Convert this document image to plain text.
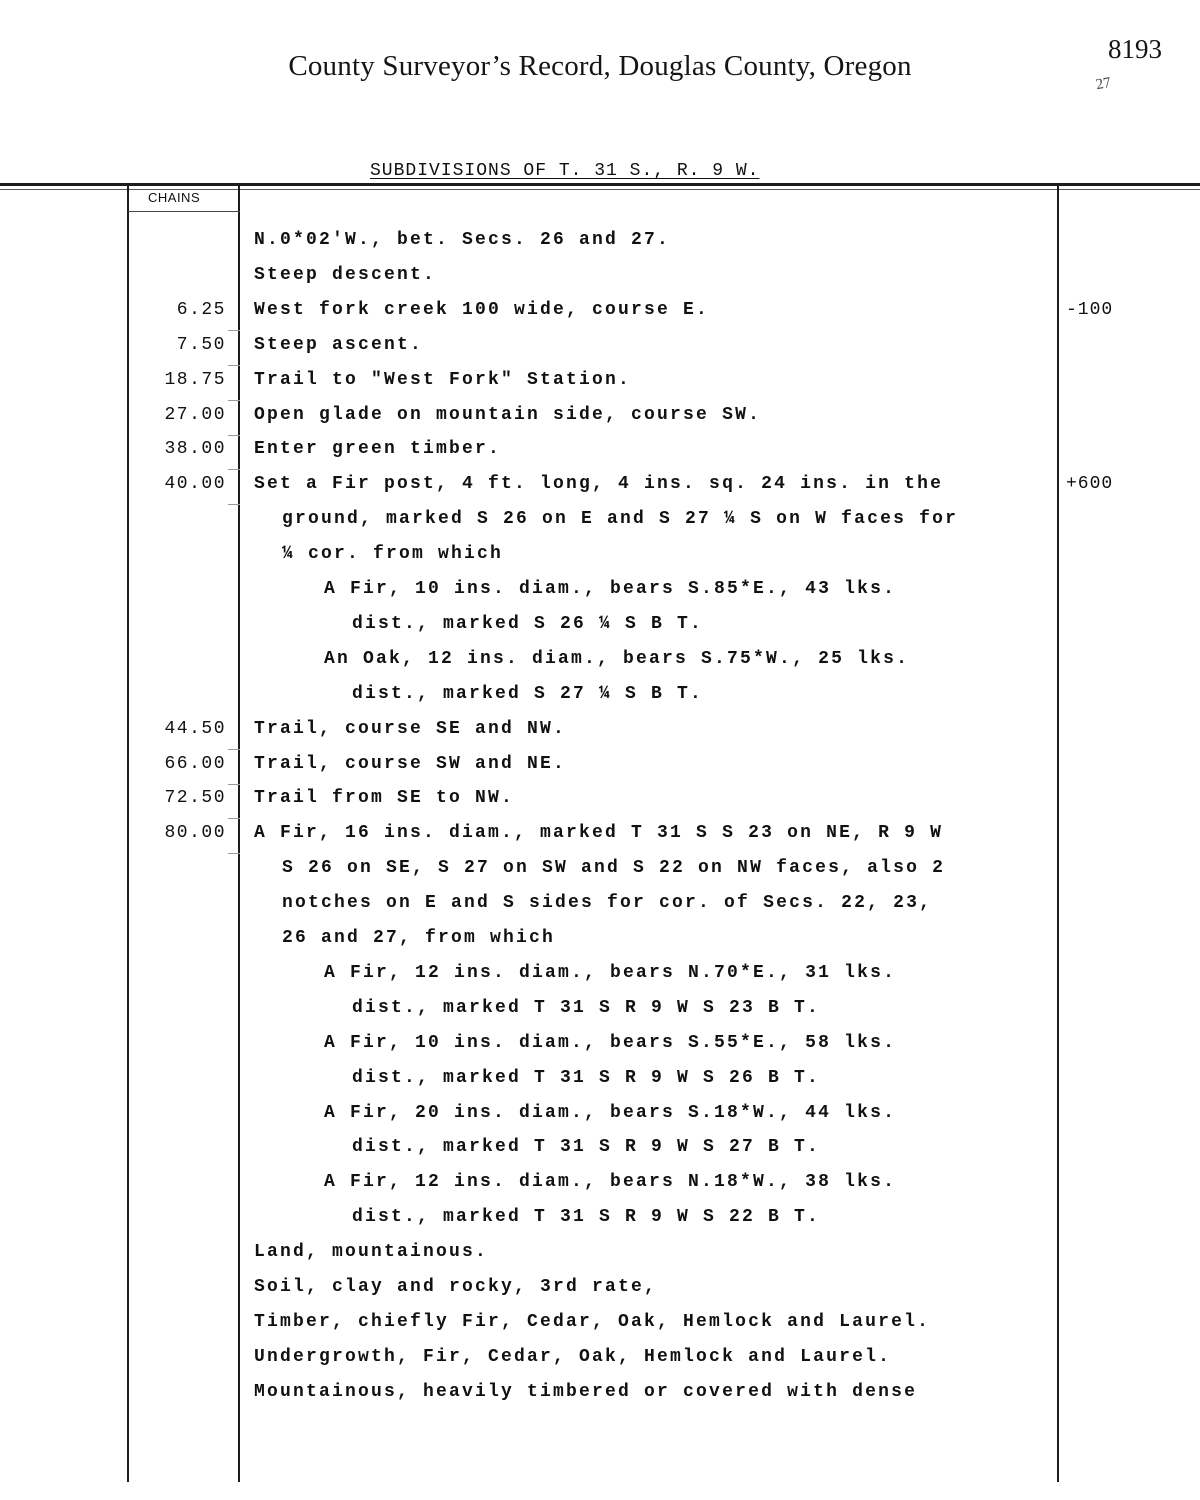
County Surveyor’s Record, Douglas County, Oregon
8193
27
SUBDIVISIONS OF T. 31 S., R. 9 W.
CHAINS
N.0*02'W., bet. Secs. 26 and 27.
Steep descent.
6.25 West fork creek 100 wide, course E.	-100
7.50 Steep ascent.
18.75 Trail to "West Fork" Station.
27.00 Open glade on mountain side, course SW.
38.00 Enter green timber.
40.00 Set a Fir post, 4 ft. long, 4 ins. sq. 24 ins. in the	+600
ground, marked S 26 on E and S 27 ¼ S on W faces for
¼ cor. from which
A Fir, 10 ins. diam., bears S.85*E., 43 lks.
dist., marked S 26 ¼ S B T.
An Oak, 12 ins. diam., bears S.75*W., 25 lks.
dist., marked S 27 ¼ S B T.
44.50 Trail, course SE and NW.
66.00 Trail, course SW and NE.
72.50 Trail from SE to NW.
80.00 A Fir, 16 ins. diam., marked T 31 S S 23 on NE, R 9 W
S 26 on SE, S 27 on SW and S 22 on NW faces, also 2
notches on E and S sides for cor. of Secs. 22, 23,
26 and 27, from which
A Fir, 12 ins. diam., bears N.70*E., 31 lks.
dist., marked T 31 S R 9 W S 23 B T.
A Fir, 10 ins. diam., bears S.55*E., 58 lks.
dist., marked T 31 S R 9 W S 26 B T.
A Fir, 20 ins. diam., bears S.18*W., 44 lks.
dist., marked T 31 S R 9 W S 27 B T.
A Fir, 12 ins. diam., bears N.18*W., 38 lks.
dist., marked T 31 S R 9 W S 22 B T.
Land, mountainous.
Soil, clay and rocky, 3rd rate,
Timber, chiefly Fir, Cedar, Oak, Hemlock and Laurel.
Undergrowth, Fir, Cedar, Oak, Hemlock and Laurel.
Mountainous, heavily timbered or covered with dense
